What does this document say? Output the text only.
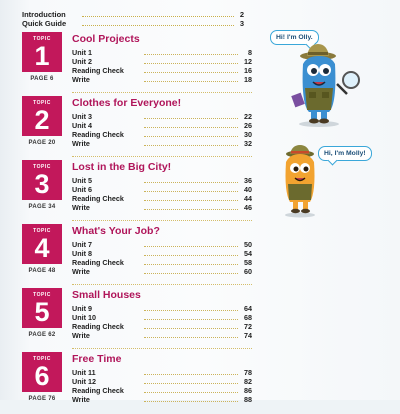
Introduction	2
Quick Guide	3
TOPIC
1
PAGE 6
Cool Projects
Unit 1	8
Unit 2	12
Reading Check	16
Write	18
TOPIC
2
PAGE 20
Clothes for Everyone!
Unit 3	22
Unit 4	26
Reading Check	30
Write	32
TOPIC
3
PAGE 34
Lost in the Big City!
Unit 5	36
Unit 6	40
Reading Check	44
Write	46
TOPIC
4
PAGE 48
What's Your Job?
Unit 7	50
Unit 8	54
Reading Check	58
Write	60
TOPIC
5
PAGE 62
Small Houses
Unit 9	64
Unit 10	68
Reading Check	72
Write	74
TOPIC
6
PAGE 76
Free Time
Unit 11	78
Unit 12	82
Reading Check	86
Write	88
Hi! I'm Olly.
Hi, I'm Molly!
